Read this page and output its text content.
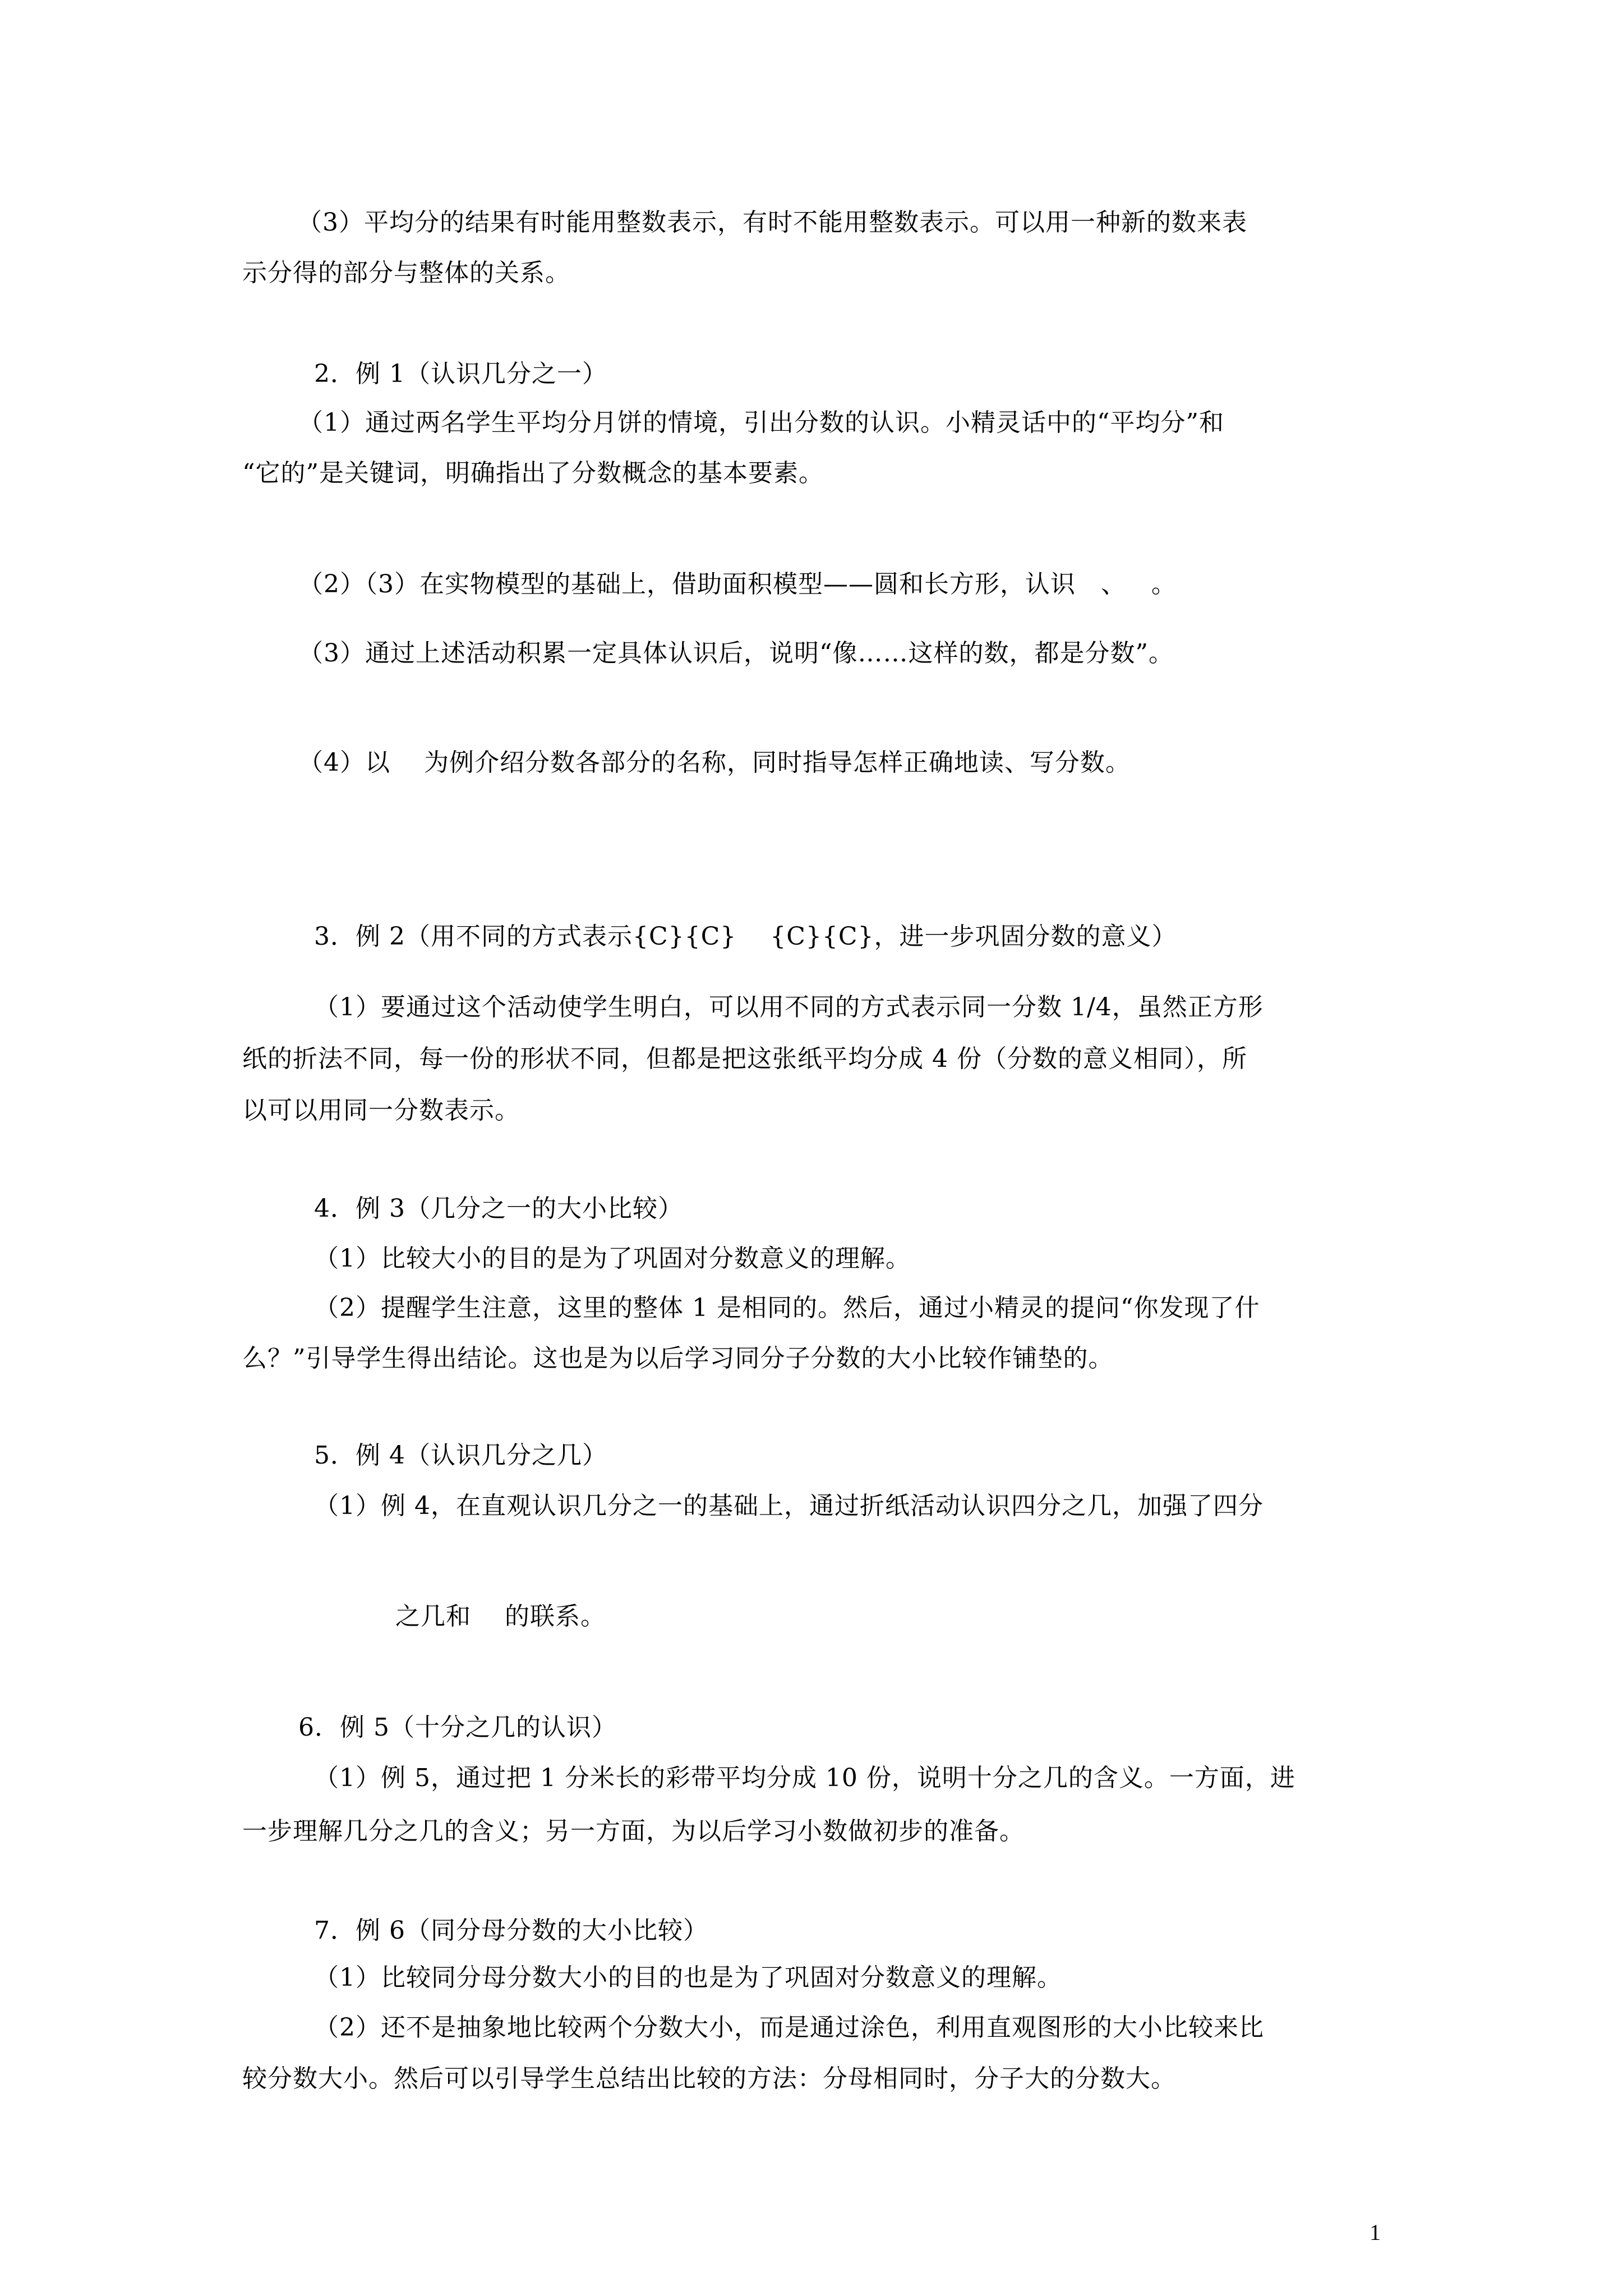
（3）平均分的结果有时能用整数表示，有时不能用整数表示。可以用一种新的数来表
示分得的部分与整体的关系。
2．例 1（认识几分之一）
（1）通过两名学生平均分月饼的情境，引出分数的认识。小精灵话中的“平均分”和
“它的”是关键词，明确指出了分数概念的基本要素。
（2）（3）在实物模型的基础上，借助面积模型——圆和长方形，认识   、   。
（3）通过上述活动积累一定具体认识后，说明“像……这样的数，都是分数”。
（4）以    为例介绍分数各部分的名称，同时指导怎样正确地读、写分数。
3．例 2（用不同的方式表示{C}{C}    {C}{C}，进一步巩固分数的意义）
（1）要通过这个活动使学生明白，可以用不同的方式表示同一分数 1/4，虽然正方形
纸的折法不同，每一份的形状不同，但都是把这张纸平均分成 4 份（分数的意义相同），所
以可以用同一分数表示。
4．例 3（几分之一的大小比较）
（1）比较大小的目的是为了巩固对分数意义的理解。
（2）提醒学生注意，这里的整体 1 是相同的。然后，通过小精灵的提问“你发现了什
么？”引导学生得出结论。这也是为以后学习同分子分数的大小比较作铺垫的。
5．例 4（认识几分之几）
（1）例 4，在直观认识几分之一的基础上，通过折纸活动认识四分之几，加强了四分
之几和    的联系。
6．例 5（十分之几的认识）
（1）例 5，通过把 1 分米长的彩带平均分成 10 份，说明十分之几的含义。一方面，进
一步理解几分之几的含义；另一方面，为以后学习小数做初步的准备。
7．例 6（同分母分数的大小比较）
（1）比较同分母分数大小的目的也是为了巩固对分数意义的理解。
（2）还不是抽象地比较两个分数大小，而是通过涂色，利用直观图形的大小比较来比
较分数大小。然后可以引导学生总结出比较的方法：分母相同时，分子大的分数大。
1
